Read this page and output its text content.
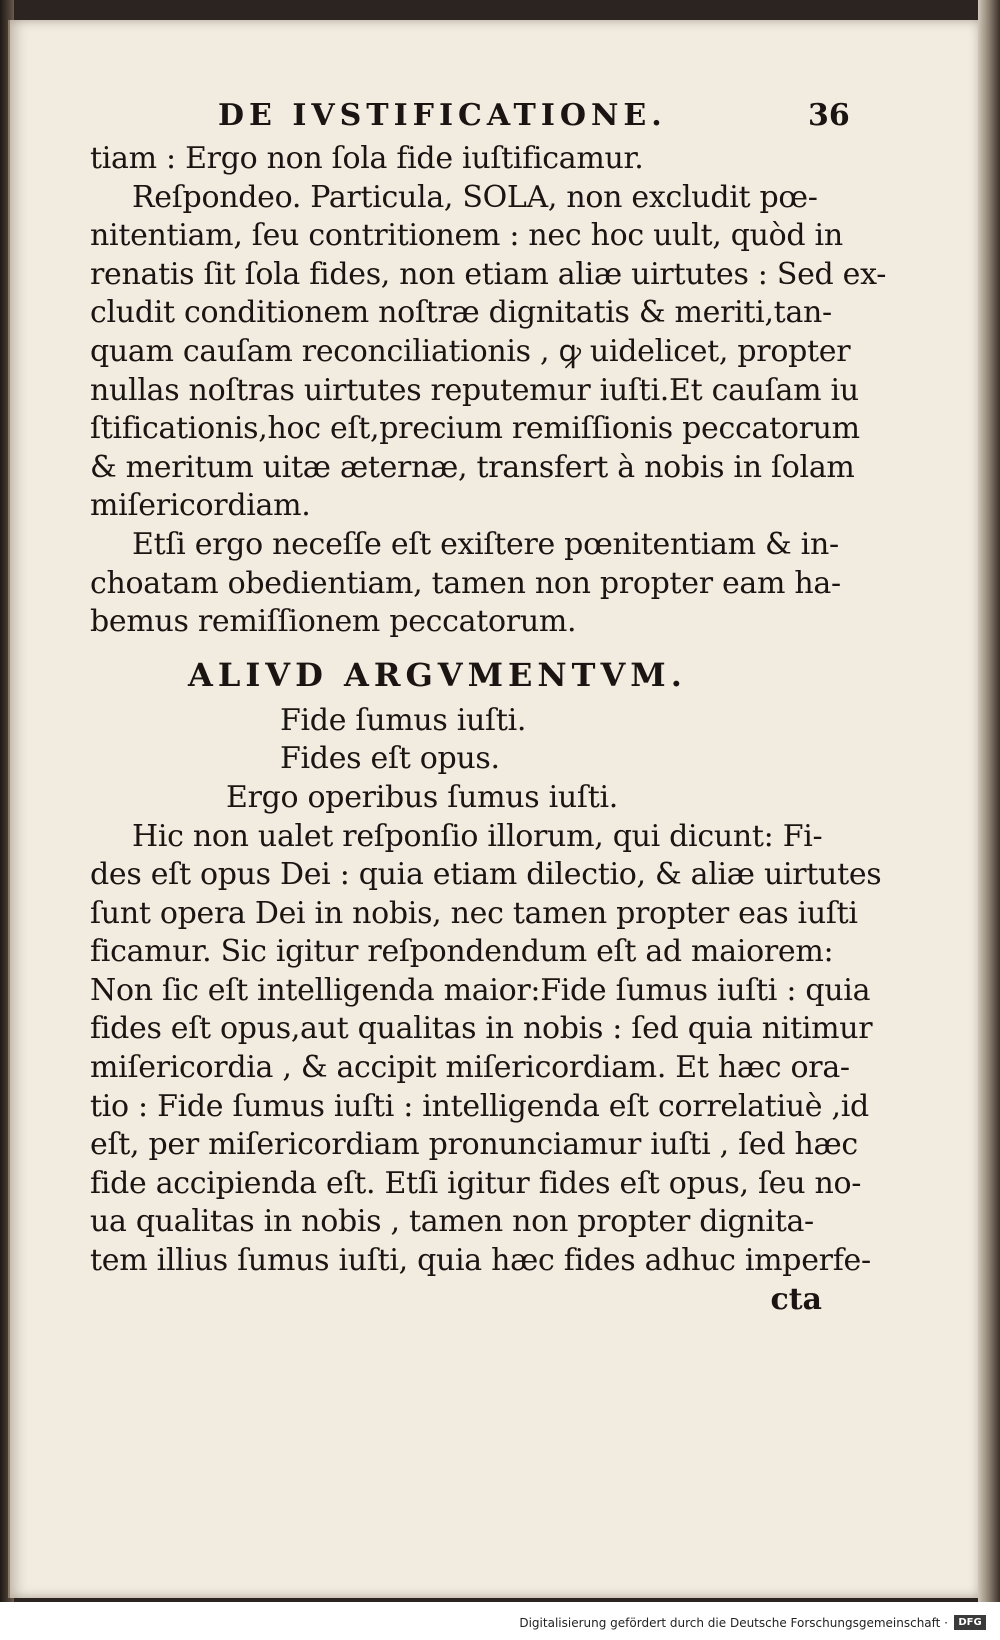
DE IVSTIFICATIONE.	36
tiam : Ergo non ſola fide iuſtificamur.
Reſpondeo. Particula, SOLA, non excludit pœ-
nitentiam, ſeu contritionem : nec hoc uult, quòd in
renatis ſit ſola fides, non etiam aliæ uirtutes : Sed ex-
cludit conditionem noſtræ dignitatis & meriti,tan-
quam cauſam reconciliationis , ꝙ uidelicet, propter
nullas noſtras uirtutes reputemur iuſti.Et cauſam iu
ſtificationis,hoc eſt,precium remiſſionis peccatorum
& meritum uitæ æternæ, transfert à nobis in ſolam
miſericordiam.
Etſi ergo neceſſe eſt exiſtere pœnitentiam & in-
choatam obedientiam, tamen non propter eam ha-
bemus remiſſionem peccatorum.
ALIVD ARGVMENTVM.
Fide ſumus iuſti.
Fides eſt opus.
Ergo operibus ſumus iuſti.
Hic non ualet reſponſio illorum, qui dicunt: Fi-
des eſt opus Dei : quia etiam dilectio, & aliæ uirtutes
ſunt opera Dei in nobis, nec tamen propter eas iuſti
ficamur. Sic igitur reſpondendum eſt ad maiorem:
Non ſic eſt intelligenda maior:Fide ſumus iuſti : quia
fides eſt opus,aut qualitas in nobis : ſed quia nitimur
miſericordia , & accipit miſericordiam. Et hæc ora-
tio : Fide ſumus iuſti : intelligenda eſt correlatiuè ,id
eſt, per miſericordiam pronunciamur iuſti , ſed hæc
fide accipienda eſt. Etſi igitur fides eſt opus, ſeu no-
ua qualitas in nobis , tamen non propter dignita-
tem illius ſumus iuſti, quia hæc fides adhuc imperfe-
cta
Digitalisierung gefördert durch die Deutsche Forschungsgemeinschaft ·	DFG
